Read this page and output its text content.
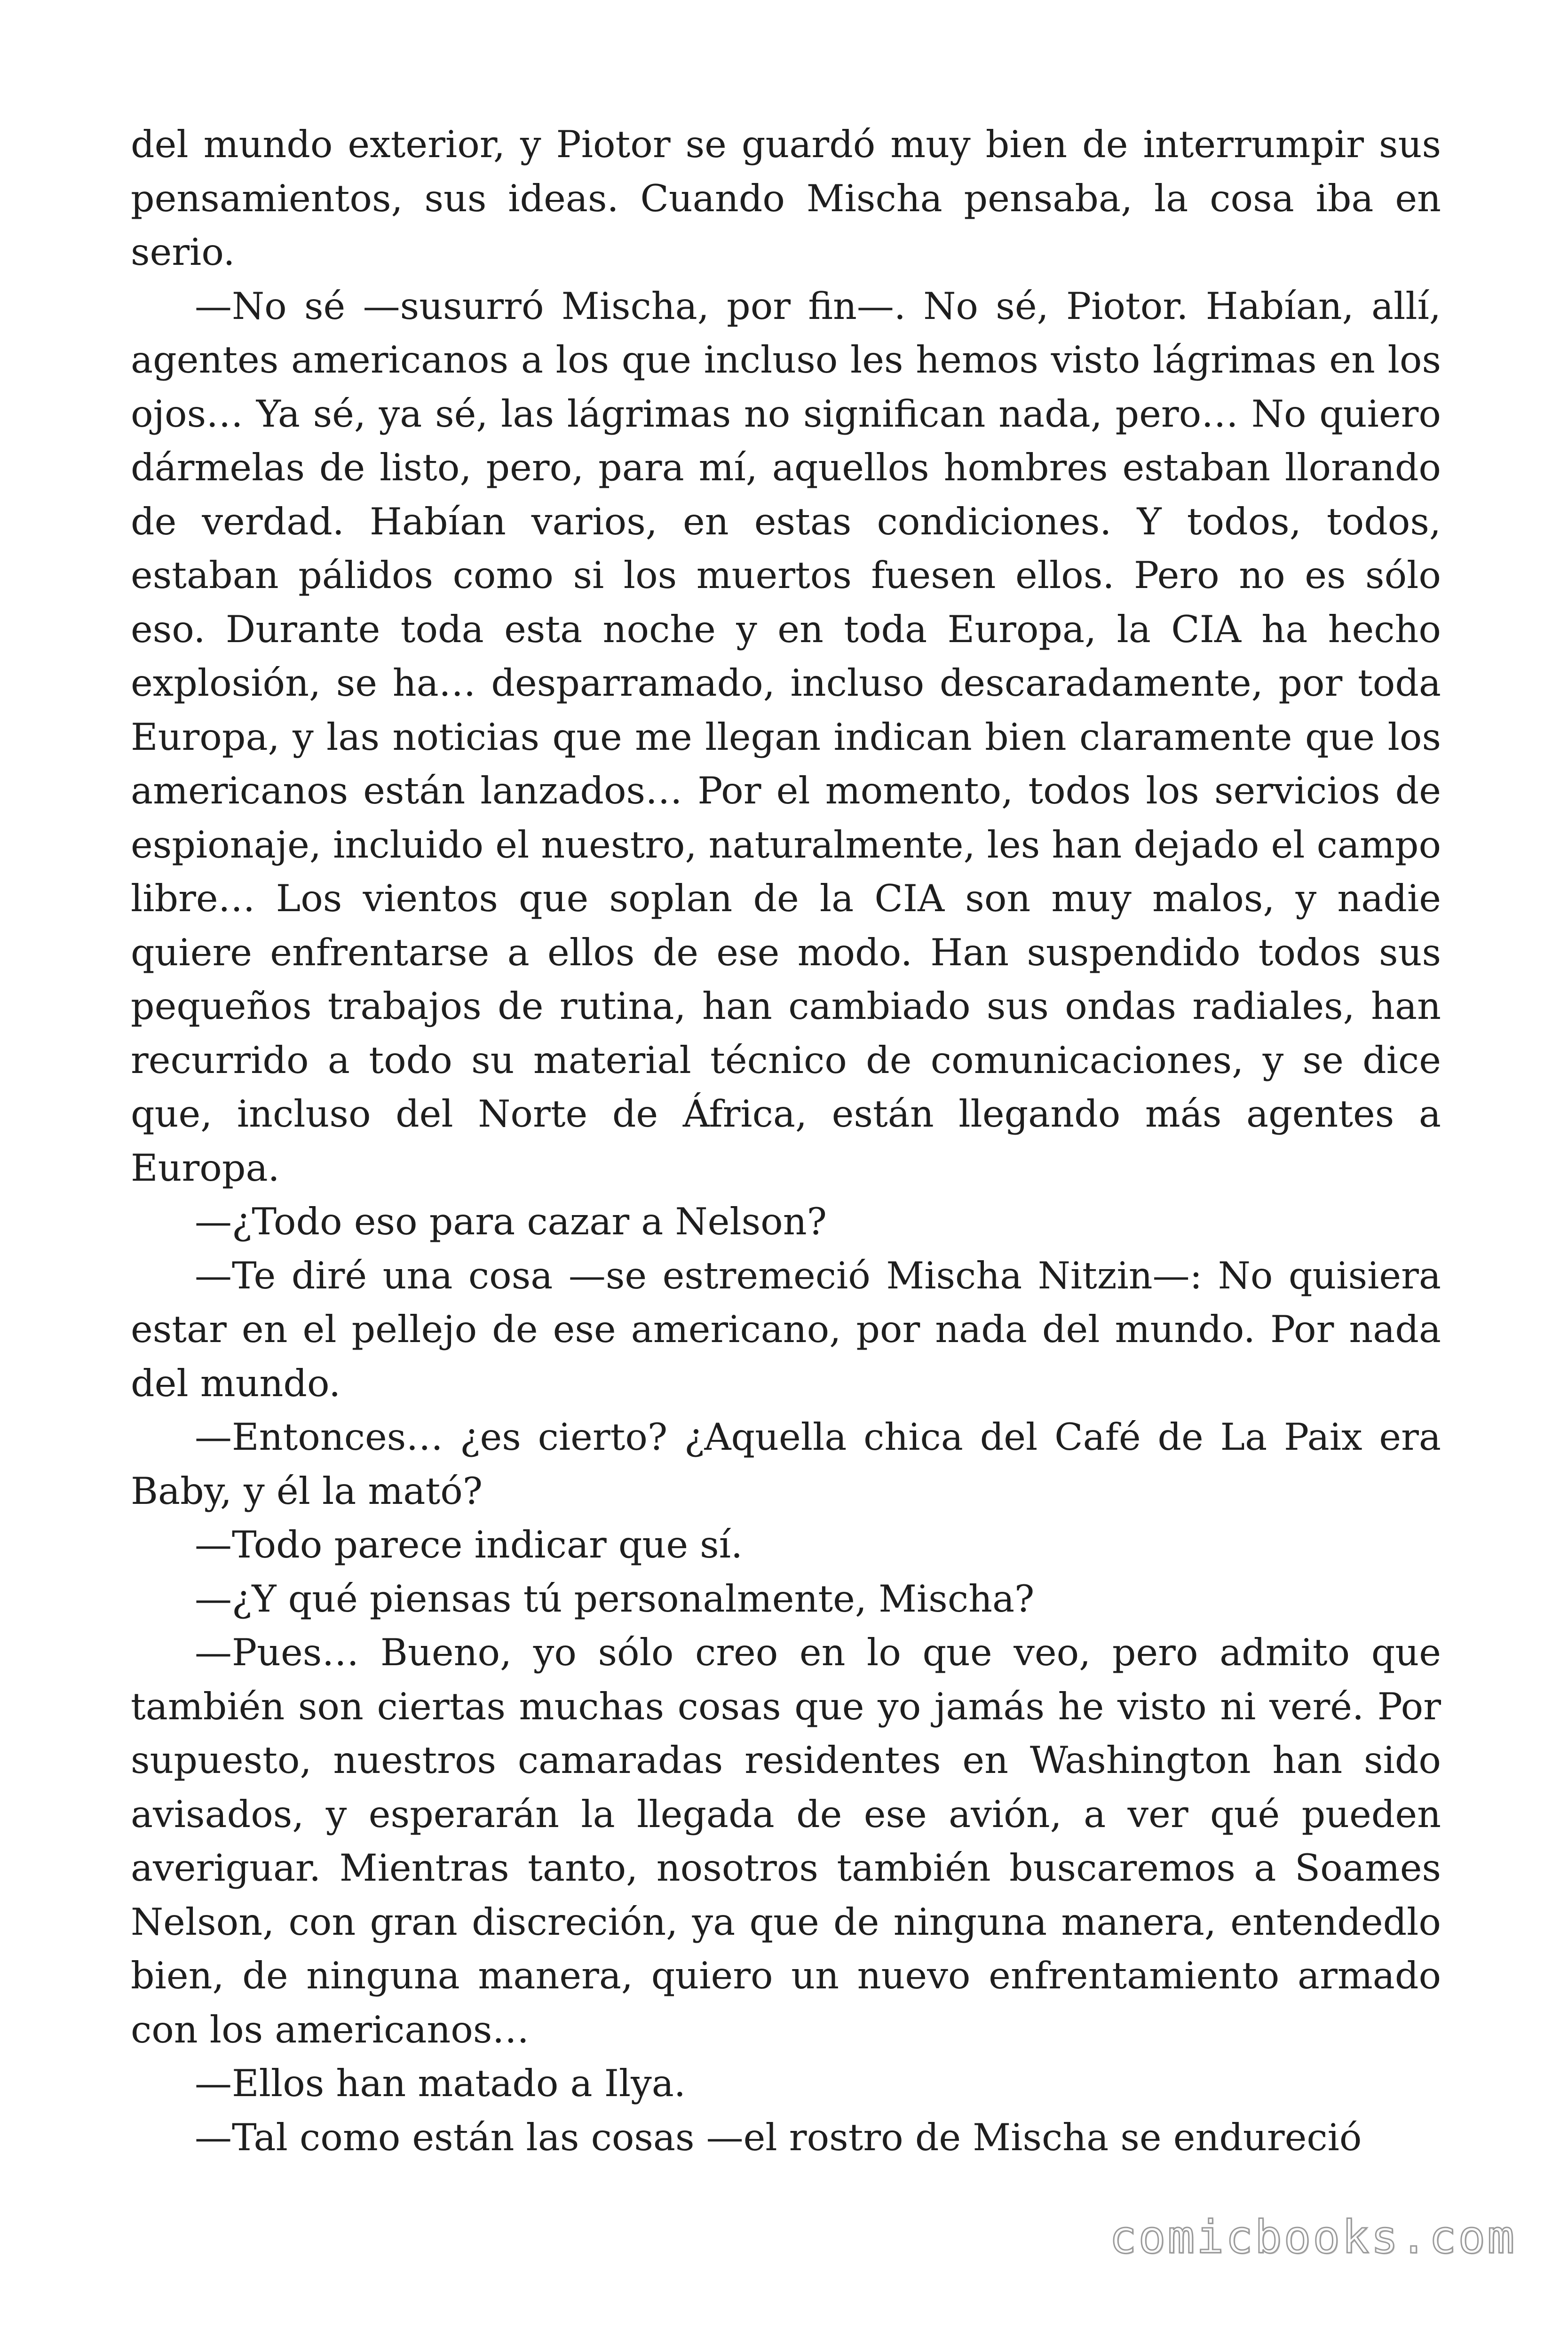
del mundo exterior, y Piotor se guardó muy bien de interrumpir sus pensamientos, sus ideas. Cuando Mischa pensaba, la cosa iba en serio.

—No sé —susurró Mischa, por fin—. No sé, Piotor. Habían, allí, agentes americanos a los que incluso les hemos visto lágrimas en los ojos… Ya sé, ya sé, las lágrimas no significan nada, pero… No quiero dármelas de listo, pero, para mí, aquellos hombres estaban llorando de verdad. Habían varios, en estas condiciones. Y todos, todos, estaban pálidos como si los muertos fuesen ellos. Pero no es sólo eso. Durante toda esta noche y en toda Europa, la CIA ha hecho explosión, se ha… desparramado, incluso descaradamente, por toda Europa, y las noticias que me llegan indican bien claramente que los americanos están lanzados… Por el momento, todos los servicios de espionaje, incluido el nuestro, naturalmente, les han dejado el campo libre… Los vientos que soplan de la CIA son muy malos, y nadie quiere enfrentarse a ellos de ese modo. Han suspendido todos sus pequeños trabajos de rutina, han cambiado sus ondas radiales, han recurrido a todo su material técnico de comunicaciones, y se dice que, incluso del Norte de África, están llegando más agentes a Europa.

—¿Todo eso para cazar a Nelson?

—Te diré una cosa —se estremeció Mischa Nitzin—: No quisiera estar en el pellejo de ese americano, por nada del mundo. Por nada del mundo.

—Entonces… ¿es cierto? ¿Aquella chica del Café de La Paix era Baby, y él la mató?

—Todo parece indicar que sí.

—¿Y qué piensas tú personalmente, Mischa?

—Pues… Bueno, yo sólo creo en lo que veo, pero admito que también son ciertas muchas cosas que yo jamás he visto ni veré. Por supuesto, nuestros camaradas residentes en Washington han sido avisados, y esperarán la llegada de ese avión, a ver qué pueden averiguar. Mientras tanto, nosotros también buscaremos a Soames Nelson, con gran discreción, ya que de ninguna manera, entendedlo bien, de ninguna manera, quiero un nuevo enfrentamiento armado con los americanos…

—Ellos han matado a Ilya.

—Tal como están las cosas —el rostro de Mischa se endureció

comicbooks.com
